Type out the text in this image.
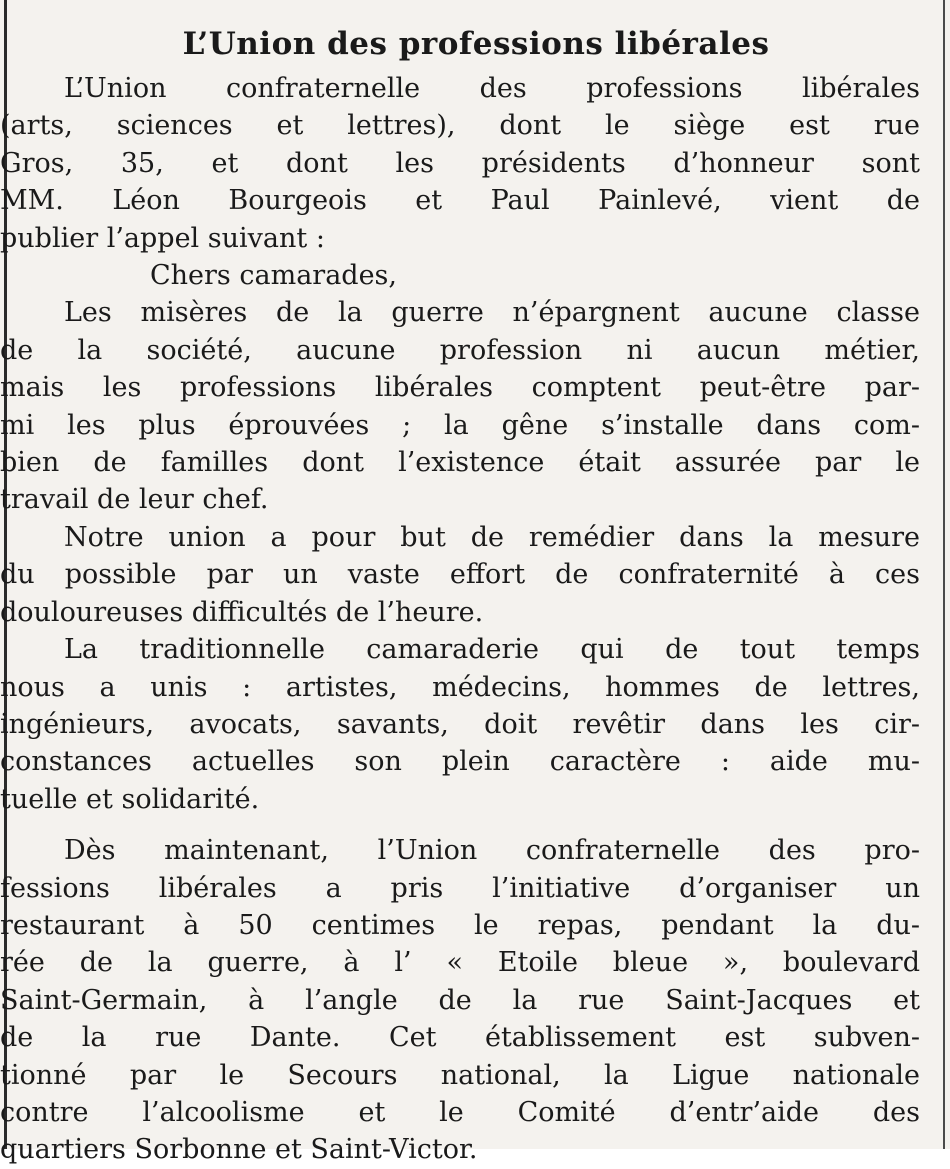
L’Union des professions libérales

L’Union confraternelle des professions libérales
(arts, sciences et lettres), dont le siège est rue
Gros, 35, et dont les présidents d’honneur sont
MM. Léon Bourgeois et Paul Painlevé, vient de
publier l’appel suivant :

Chers camarades,

Les misères de la guerre n’épargnent aucune classe
de la société, aucune profession ni aucun métier,
mais les professions libérales comptent peut-être par-
mi les plus éprouvées ; la gêne s’installe dans com-
bien de familles dont l’existence était assurée par le
travail de leur chef.

Notre union a pour but de remédier dans la mesure
du possible par un vaste effort de confraternité à ces
douloureuses difficultés de l’heure.

La traditionnelle camaraderie qui de tout temps
nous a unis : artistes, médecins, hommes de lettres,
ingénieurs, avocats, savants, doit revêtir dans les cir-
constances actuelles son plein caractère : aide mu-
tuelle et solidarité.

Dès maintenant, l’Union confraternelle des pro-
fessions libérales a pris l’initiative d’organiser un
restaurant à 50 centimes le repas, pendant la du-
rée de la guerre, à l’ « Etoile bleue », boulevard
Saint-Germain, à l’angle de la rue Saint-Jacques et
de la rue Dante. Cet établissement est subven-
tionné par le Secours national, la Ligue nationale
contre l’alcoolisme et le Comité d’entr’aide des
quartiers Sorbonne et Saint-Victor.
